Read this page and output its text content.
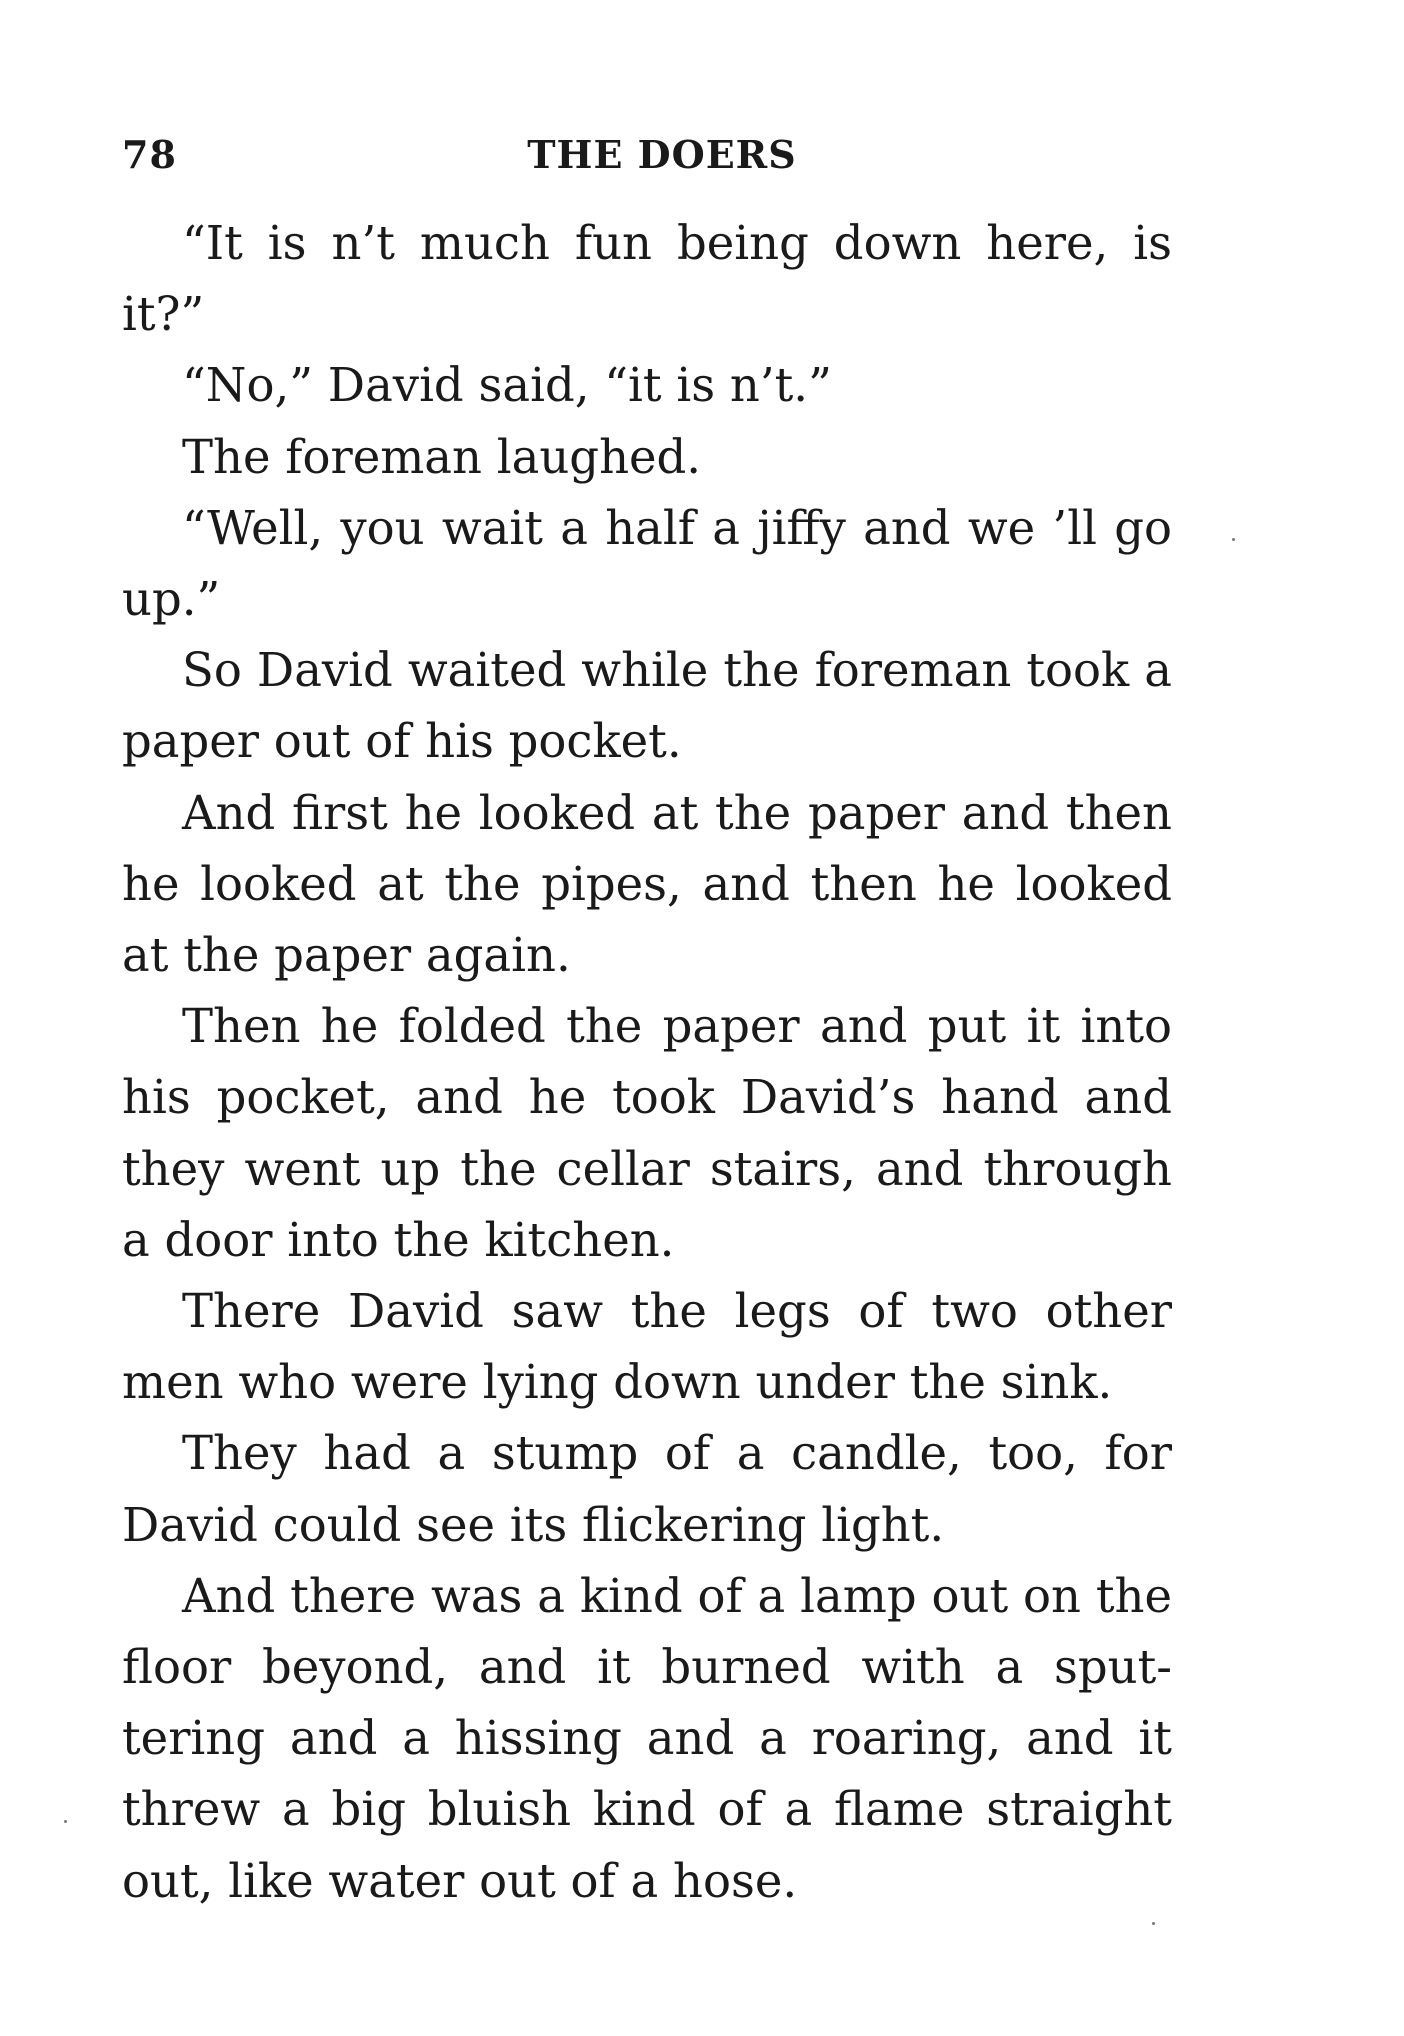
78	THE DOERS

“It is n’t much fun being down here, is it?”

“No,” David said, “it is n’t.”

The foreman laughed.

“Well, you wait a half a jiffy and we ’ll go up.”

So David waited while the foreman took a paper out of his pocket.

And first he looked at the paper and then he looked at the pipes, and then he looked at the paper again.

Then he folded the paper and put it into his pocket, and he took David’s hand and they went up the cellar stairs, and through a door into the kitchen.

There David saw the legs of two other men who were lying down under the sink.

They had a stump of a candle, too, for David could see its flickering light.

And there was a kind of a lamp out on the floor beyond, and it burned with a sputtering and a hissing and a roaring, and it threw a big bluish kind of a flame straight out, like water out of a hose.
